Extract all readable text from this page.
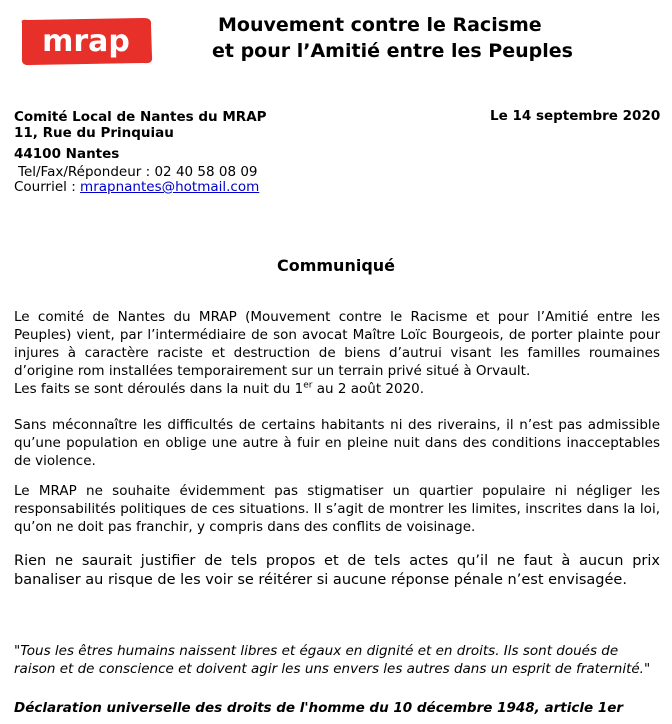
mrap	Mouvement contre le Racisme
et pour l’Amitié entre les Peuples
Comité Local de Nantes du MRAP
11, Rue du Prinquiau
44100 Nantes
Tel/Fax/Répondeur : 02 40 58 08 09
Courriel : mrapnantes@hotmail.com
Le 14 septembre 2020
Communiqué
Le comité de Nantes du MRAP (Mouvement contre le Racisme et pour l’Amitié entre les Peuples) vient, par l’intermédiaire de son avocat Maître Loïc Bourgeois, de porter plainte pour injures à caractère raciste et destruction de biens d’autrui visant les familles roumaines d’origine rom installées temporairement sur un terrain privé situé à Orvault.
Les faits se sont déroulés dans la nuit du 1er au 2 août 2020.
Sans méconnaître les difficultés de certains habitants ni des riverains, il n’est pas admissible qu’une population en oblige une autre à fuir en pleine nuit dans des conditions inacceptables de violence.
Le MRAP ne souhaite évidemment pas stigmatiser un quartier populaire ni négliger les responsabilités politiques de ces situations. Il s’agit de montrer les limites, inscrites dans la loi, qu’on ne doit pas franchir, y compris dans des conflits de voisinage.
Rien ne saurait justifier de tels propos et de tels actes qu’il ne faut à aucun prix banaliser au risque de les voir se réitérer si aucune réponse pénale n’est envisagée.
"Tous les êtres humains naissent libres et égaux en dignité et en droits. Ils sont doués de raison et de conscience et doivent agir les uns envers les autres dans un esprit de fraternité."
Déclaration universelle des droits de l'homme du 10 décembre 1948, article 1er
